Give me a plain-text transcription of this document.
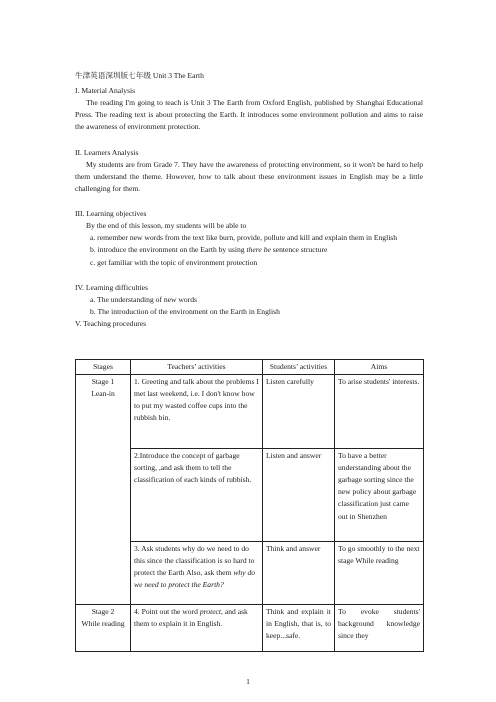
牛津英语深圳版七年级 Unit 3 The Earth

I. Material Analysis

The reading I'm going to teach is Unit 3 The Earth from Oxford English, published by Shanghai Educational Press. The reading text is about protecting the Earth. It introduces some environment pollution and aims to raise the awareness of environment protection.

II. Learners Analysis

My students are from Grade 7. They have the awareness of protecting environment, so it won't be hard to help them understand the theme. However, how to talk about these environment issues in English may be a little challenging for them.

III. Learning objectives

By the end of this lesson, my students will be able to

a. remember new words from the text like burn, provide, pollute and kill and explain them in English

b. introduce the environment on the Earth by using there be sentence structure

c. get familiar with the topic of environment protection

IV. Learning difficulties

a. The understanding of new words

b. The introduction of the environment on the Earth in English

V. Teaching procedures

Stages	Teachers’ activities	Students’ activities	Aims

Stage 1
Lean-in	1. Greeting and talk about the problems I met last weekend, i.e. I don't know how to put my wasted coffee cups into the rubbish bin.	Listen carefully	To arise students' interests.
	2.Introduce the concept of garbage sorting, ,and ask them to tell the classification of each kinds of rubbish.	Listen and answer	To have a better understanding about the garbage sorting since the new policy about garbage classification just came out in Shenzhen
	3. Ask students why do we need to do this since the classification is so hard to protect the Earth Also, ask them why do we need to protect the Earth?	Think and answer	To go smoothly to the next stage While reading

Stage 2
While reading	4. Point out the word protect, and ask them to explain it in English.	Think and explain it in English, that is, to keep...safe.	To evoke students' background knowledge since they
1
